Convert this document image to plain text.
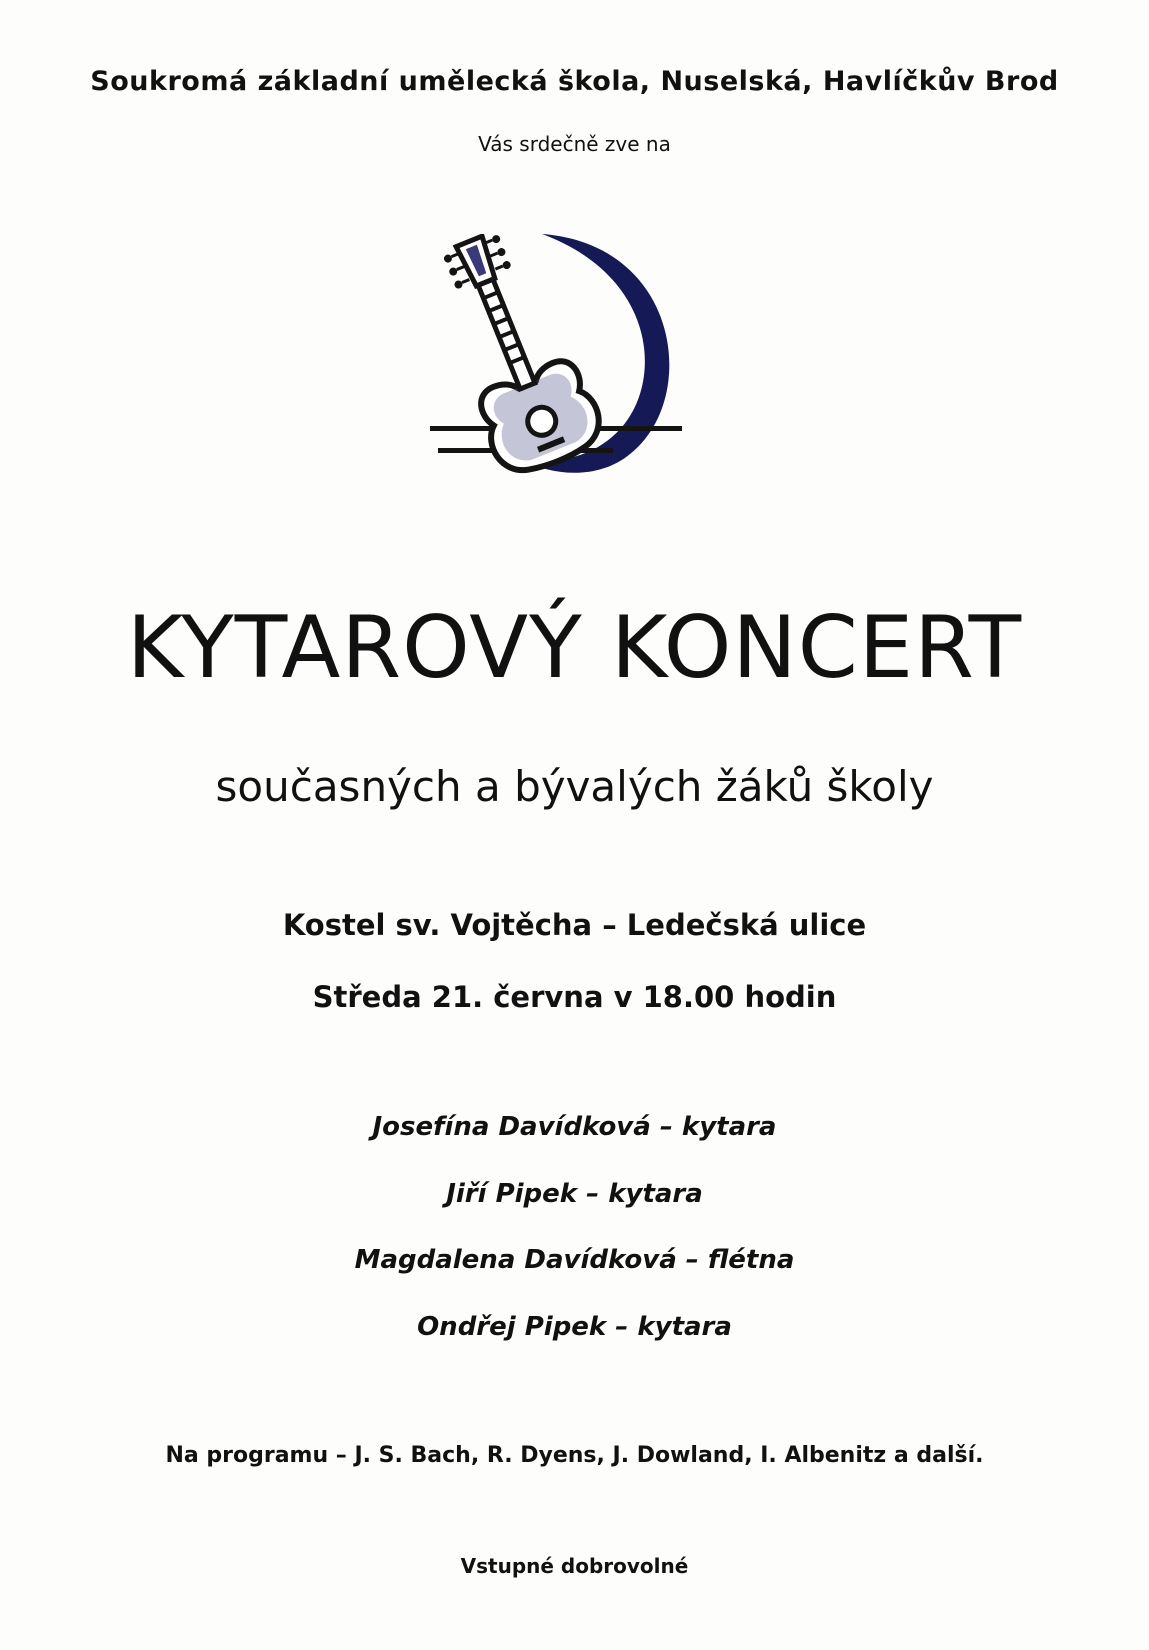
Soukromá základní umělecká škola, Nuselská, Havlíčkův Brod
Vás srdečně zve na
KYTAROVÝ KONCERT
současných a bývalých žáků školy
Kostel sv. Vojtěcha – Ledečská ulice
Středa 21. června v 18.00 hodin
Josefína Davídková – kytara
Jiří Pipek – kytara
Magdalena Davídková – flétna
Ondřej Pipek – kytara
Na programu – J. S. Bach, R. Dyens, J. Dowland, I. Albenitz a další.
Vstupné dobrovolné
